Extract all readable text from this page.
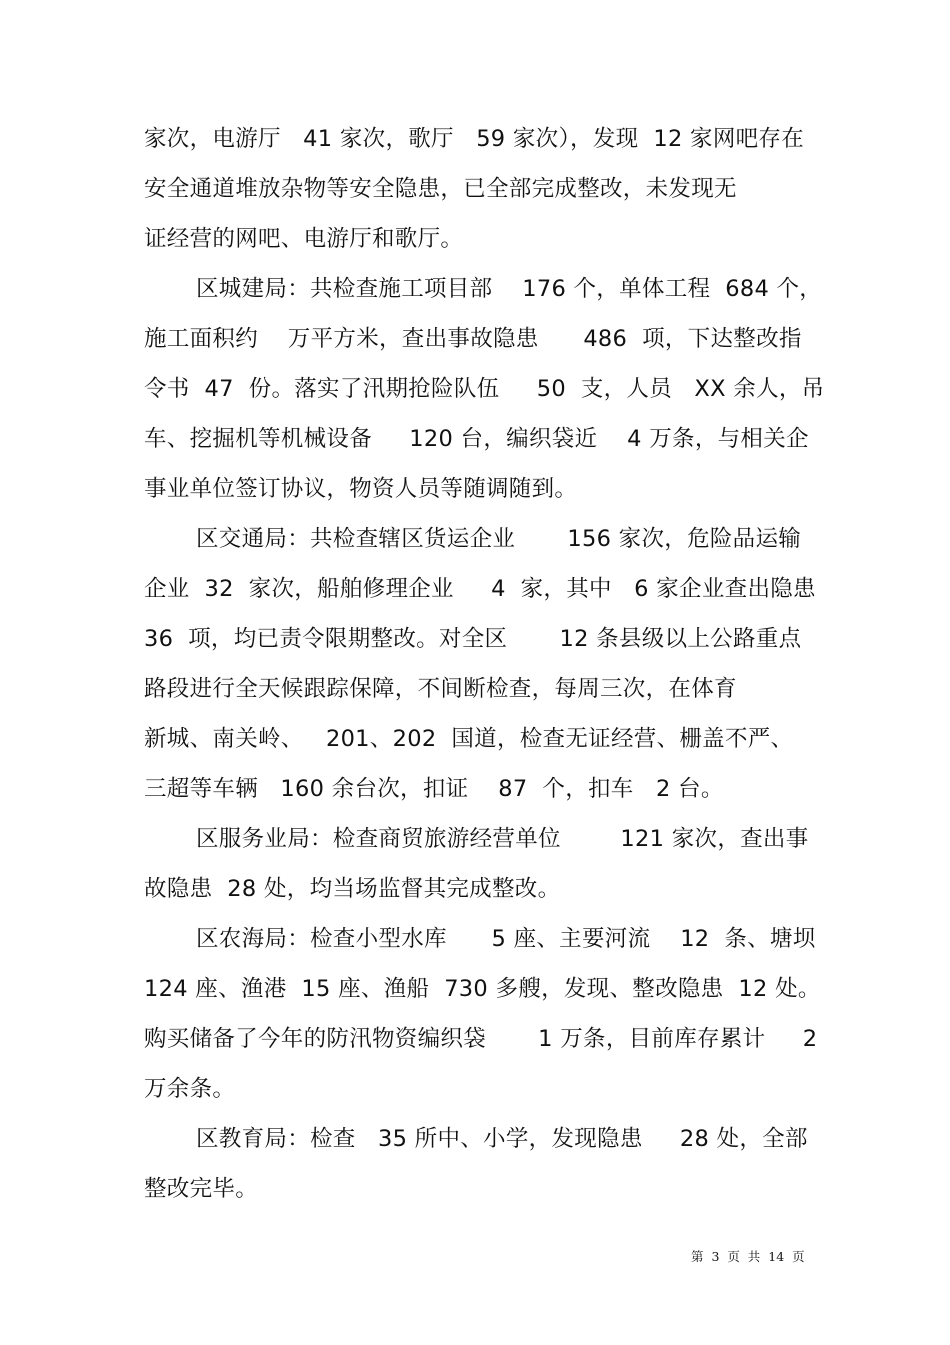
家次，电游厅   41 家次，歌厅   59 家次），发现  12 家网吧存在
安全通道堆放杂物等安全隐患，已全部完成整改，未发现无
证经营的网吧、电游厅和歌厅。
区城建局：共检查施工项目部    176 个，单体工程  684 个，
施工面积约    万平方米，查出事故隐患      486  项，下达整改指
令书  47  份。落实了汛期抢险队伍     50  支，人员   XX 余人，吊
车、挖掘机等机械设备     120 台，编织袋近    4 万条，与相关企
事业单位签订协议，物资人员等随调随到。
区交通局：共检查辖区货运企业       156 家次，危险品运输
企业  32  家次，船舶修理企业     4  家，其中   6 家企业查出隐患
36  项，均已责令限期整改。对全区       12 条县级以上公路重点
路段进行全天候跟踪保障，不间断检查，每周三次，在体育
新城、南关岭、   201、202  国道，检查无证经营、栅盖不严、
三超等车辆   160 余台次，扣证    87  个，扣车   2 台。
区服务业局：检查商贸旅游经营单位        121 家次，查出事
故隐患  28 处，均当场监督其完成整改。
区农海局：检查小型水库      5 座、主要河流    12  条、塘坝
124 座、渔港  15 座、渔船  730 多艘，发现、整改隐患  12 处。
购买储备了今年的防汛物资编织袋       1 万条，目前库存累计     2
万余条。
区教育局：检查   35 所中、小学，发现隐患     28 处，全部
整改完毕。
第  3  页  共  14  页
